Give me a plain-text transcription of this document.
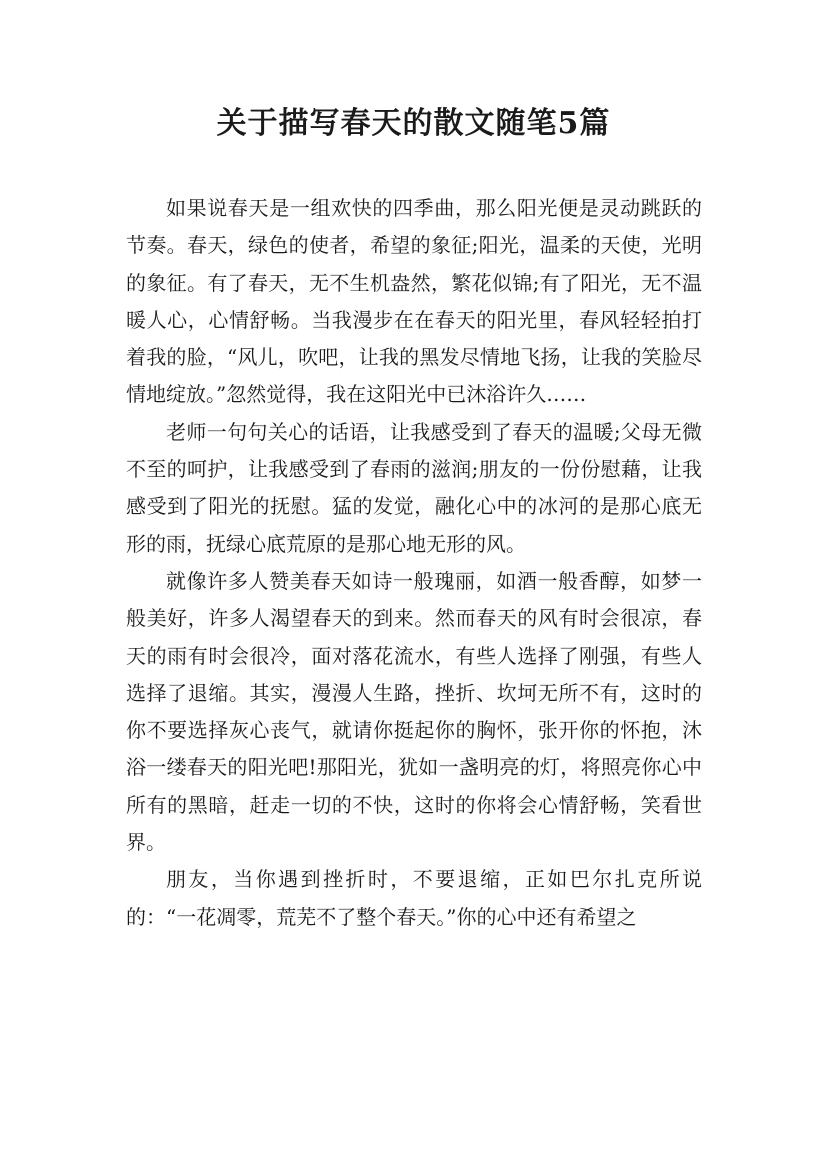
关于描写春天的散文随笔5篇

如果说春天是一组欢快的四季曲，那么阳光便是灵动跳跃的节奏。春天，绿色的使者，希望的象征;阳光，温柔的天使，光明的象征。有了春天，无不生机盎然，繁花似锦;有了阳光，无不温暖人心，心情舒畅。当我漫步在在春天的阳光里，春风轻轻拍打着我的脸，“风儿，吹吧，让我的黑发尽情地飞扬，让我的笑脸尽情地绽放。”忽然觉得，我在这阳光中已沐浴许久……

老师一句句关心的话语，让我感受到了春天的温暖;父母无微不至的呵护，让我感受到了春雨的滋润;朋友的一份份慰藉，让我感受到了阳光的抚慰。猛的发觉，融化心中的冰河的是那心底无形的雨，抚绿心底荒原的是那心地无形的风。

就像许多人赞美春天如诗一般瑰丽，如酒一般香醇，如梦一般美好，许多人渴望春天的到来。然而春天的风有时会很凉，春天的雨有时会很冷，面对落花流水，有些人选择了刚强，有些人选择了退缩。其实，漫漫人生路，挫折、坎坷无所不有，这时的你不要选择灰心丧气，就请你挺起你的胸怀，张开你的怀抱，沐浴一缕春天的阳光吧!那阳光，犹如一盏明亮的灯，将照亮你心中所有的黑暗，赶走一切的不快，这时的你将会心情舒畅，笑看世界。

朋友，当你遇到挫折时，不要退缩，正如巴尔扎克所说的：“一花凋零，荒芜不了整个春天。”你的心中还有希望之
